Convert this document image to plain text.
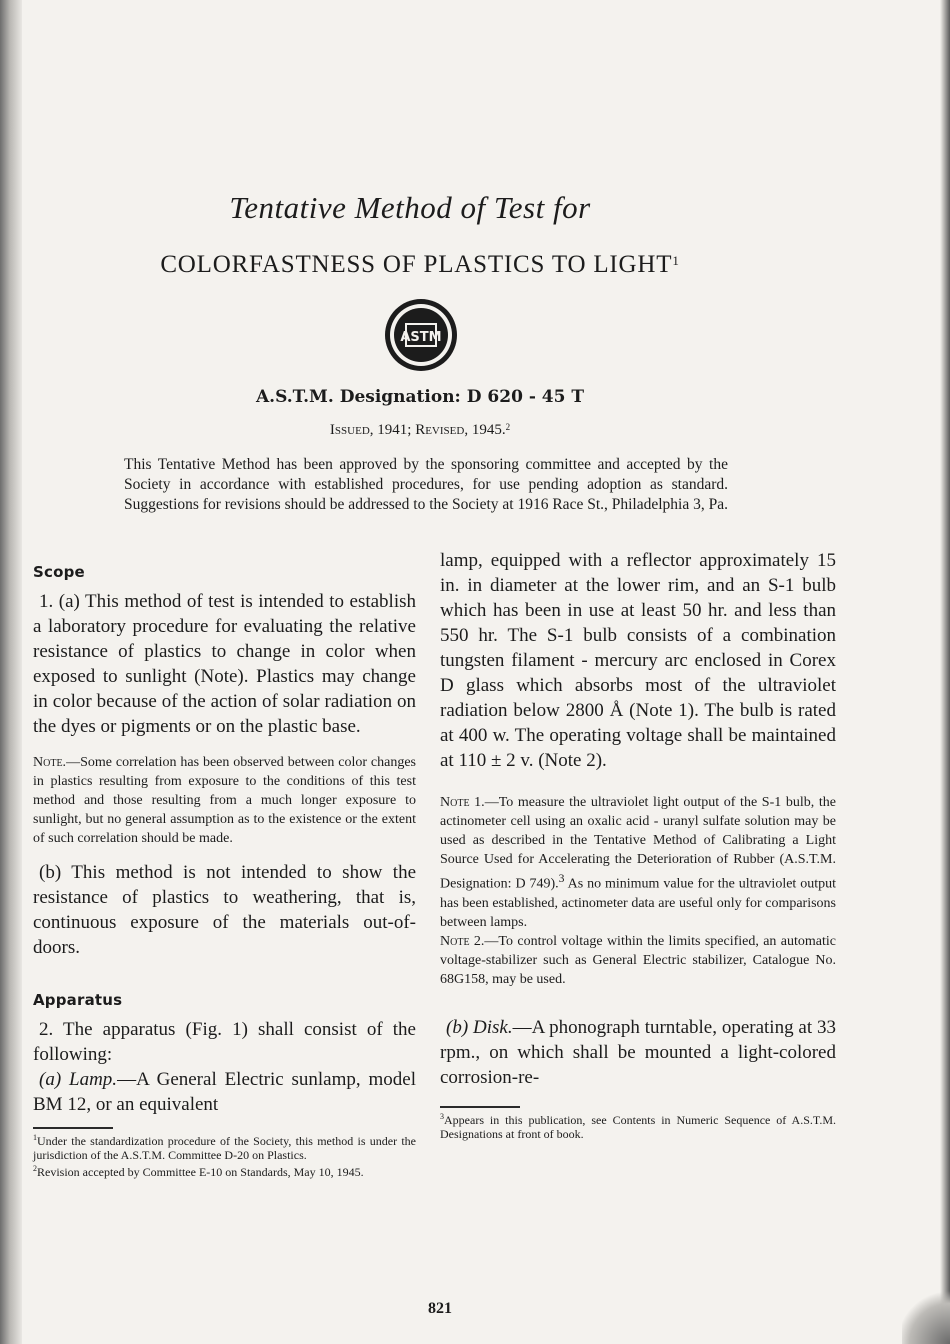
Tentative Method of Test for
COLORFASTNESS OF PLASTICS TO LIGHT$^1$
ASTM
A.S.T.M. Designation: D 620 - 45 T
Issued, 1941; Revised, 1945.$^2$
This Tentative Method has been approved by the sponsoring committee and accepted by the Society in accordance with established procedures, for use pending adoption as standard. Suggestions for revisions should be addressed to the Society at 1916 Race St., Philadelphia 3, Pa.
Scope

1. (a) This method of test is intended to establish a laboratory procedure for evaluating the relative resistance of plastics to change in color when exposed to sunlight (Note). Plastics may change in color because of the action of solar radiation on the dyes or pigments or on the plastic base.

Note.—Some correlation has been observed between color changes in plastics resulting from exposure to the conditions of this test method and those resulting from a much longer exposure to sunlight, but no general assumption as to the existence or the extent of such correlation should be made.

(b) This method is not intended to show the resistance of plastics to weathering, that is, continuous exposure of the materials out-of-doors.

Apparatus

2. The apparatus (Fig. 1) shall consist of the following:

(a) Lamp.—A General Electric sunlamp, model BM 12, or an equivalent

$^1$Under the standardization procedure of the Society, this method is under the jurisdiction of the A.S.T.M. Committee D-20 on Plastics.
$^2$Revision accepted by Committee E-10 on Standards, May 10, 1945.

lamp, equipped with a reflector approximately 15 in. in diameter at the lower rim, and an S-1 bulb which has been in use at least 50 hr. and less than 550 hr. The S-1 bulb consists of a combination tungsten filament - mercury arc enclosed in Corex D glass which absorbs most of the ultraviolet radiation below 2800 Å (Note 1). The bulb is rated at 400 w. The operating voltage shall be maintained at 110 ± 2 v. (Note 2).

Note 1.—To measure the ultraviolet light output of the S-1 bulb, the actinometer cell using an oxalic acid - uranyl sulfate solution may be used as described in the Tentative Method of Calibrating a Light Source Used for Accelerating the Deterioration of Rubber (A.S.T.M. Designation: D 749).$^3$ As no minimum value for the ultraviolet output has been established, actinometer data are useful only for comparisons between lamps.
Note 2.—To control voltage within the limits specified, an automatic voltage-stabilizer such as General Electric stabilizer, Catalogue No. 68G158, may be used.

(b) Disk.—A phonograph turntable, operating at 33 rpm., on which shall be mounted a light-colored corrosion-re-

$^3$Appears in this publication, see Contents in Numeric Sequence of A.S.T.M. Designations at front of book.
821
